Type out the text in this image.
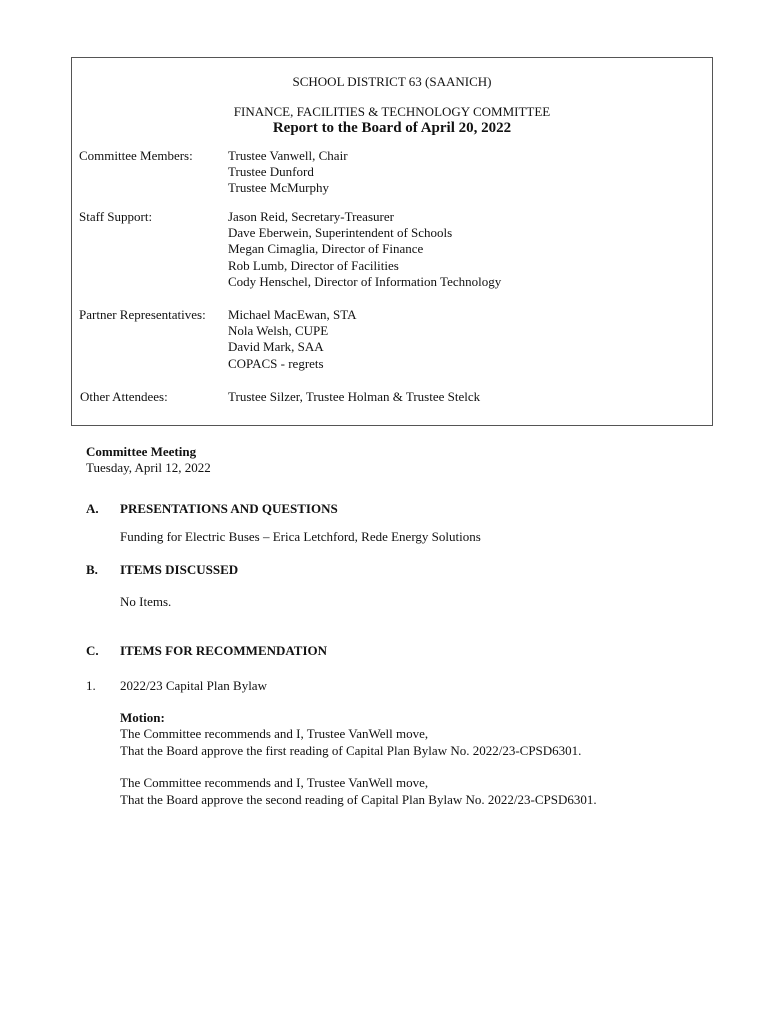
SCHOOL DISTRICT 63 (SAANICH)
FINANCE, FACILITIES & TECHNOLOGY COMMITTEE
Report to the Board of April 20, 2022
Committee Members:	Trustee Vanwell, Chair
Trustee Dunford
Trustee McMurphy
Staff Support:	Jason Reid, Secretary-Treasurer
Dave Eberwein, Superintendent of Schools
Megan Cimaglia, Director of Finance
Rob Lumb, Director of Facilities
Cody Henschel, Director of Information Technology
Partner Representatives: Michael MacEwan, STA
Nola Welsh, CUPE
David Mark, SAA
COPACS - regrets
Other Attendees:	Trustee Silzer, Trustee Holman & Trustee Stelck
Committee Meeting
Tuesday, April 12, 2022
A. PRESENTATIONS AND QUESTIONS
Funding for Electric Buses – Erica Letchford, Rede Energy Solutions
B. ITEMS DISCUSSED
No Items.
C. ITEMS FOR RECOMMENDATION
1. 2022/23 Capital Plan Bylaw
Motion:
The Committee recommends and I, Trustee VanWell move,
That the Board approve the first reading of Capital Plan Bylaw No. 2022/23-CPSD6301.
The Committee recommends and I, Trustee VanWell move,
That the Board approve the second reading of Capital Plan Bylaw No. 2022/23-CPSD6301.
